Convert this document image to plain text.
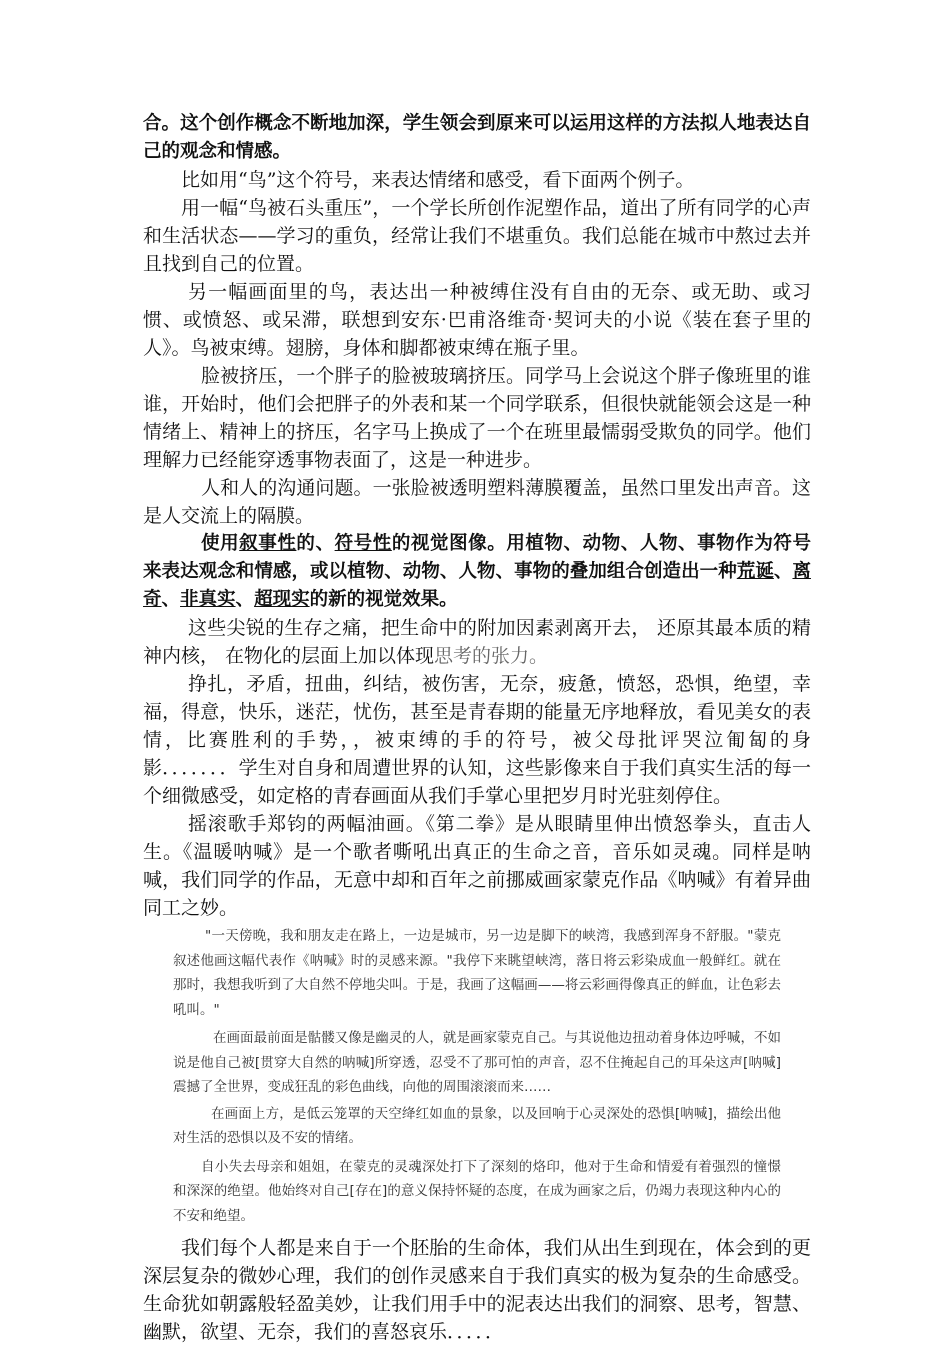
合。这个创作概念不断地加深，学生领会到原来可以运用这样的方法拟人地表达自己的观念和情感。

比如用“鸟”这个符号，来表达情绪和感受，看下面两个例子。

用一幅“鸟被石头重压”，一个学长所创作泥塑作品，道出了所有同学的心声和生活状态——学习的重负，经常让我们不堪重负。我们总能在城市中熬过去并且找到自己的位置。

另一幅画面里的鸟，表达出一种被缚住没有自由的无奈、或无助、或习惯、或愤怒、或呆滞，联想到安东·巴甫洛维奇·契诃夫的小说《装在套子里的人》。鸟被束缚。翅膀，身体和脚都被束缚在瓶子里。

脸被挤压，一个胖子的脸被玻璃挤压。同学马上会说这个胖子像班里的谁谁，开始时，他们会把胖子的外表和某一个同学联系，但很快就能领会这是一种情绪上、精神上的挤压，名字马上换成了一个在班里最懦弱受欺负的同学。他们理解力已经能穿透事物表面了，这是一种进步。

人和人的沟通问题。一张脸被透明塑料薄膜覆盖，虽然口里发出声音。这是人交流上的隔膜。

使用叙事性的、符号性的视觉图像。用植物、动物、人物、事物作为符号来表达观念和情感，或以植物、动物、人物、事物的叠加组合创造出一种荒诞、离奇、非真实、超现实的新的视觉效果。

这些尖锐的生存之痛，把生命中的附加因素剥离开去， 还原其最本质的精神内核， 在物化的层面上加以体现思考的张力。

挣扎，矛盾，扭曲，纠结，被伤害，无奈，疲惫，愤怒，恐惧，绝望，幸福，得意，快乐，迷茫，忧伤，甚至是青春期的能量无序地释放，看见美女的表情，比赛胜利的手势，，被束缚的手的符号，被父母批评哭泣匍匐的身影．．．．．．．学生对自身和周遭世界的认知，这些影像来自于我们真实生活的每一个细微感受，如定格的青春画面从我们手掌心里把岁月时光驻刻停住。

摇滚歌手郑钧的两幅油画。《第二拳》是从眼睛里伸出愤怒拳头，直击人生。《温暖呐喊》是一个歌者嘶吼出真正的生命之音，音乐如灵魂。同样是呐喊，我们同学的作品，无意中却和百年之前挪威画家蒙克作品《呐喊》有着异曲同工之妙。

"一天傍晚，我和朋友走在路上，一边是城市，另一边是脚下的峡湾，我感到浑身不舒服。"蒙克叙述他画这幅代表作《呐喊》时的灵感来源。"我停下来眺望峡湾，落日将云彩染成血一般鲜红。就在那时，我想我听到了大自然不停地尖叫。于是，我画了这幅画——将云彩画得像真正的鲜血，让色彩去吼叫。"

在画面最前面是骷髅又像是幽灵的人，就是画家蒙克自己。与其说他边扭动着身体边呼喊，不如说是他自己被[贯穿大自然的呐喊]所穿透，忍受不了那可怕的声音，忍不住掩起自己的耳朵这声[呐喊]震撼了全世界，变成狂乱的彩色曲线，向他的周围滚滚而来……

在画面上方，是低云笼罩的天空绛红如血的景象，以及回响于心灵深处的恐惧[呐喊]，描绘出他对生活的恐惧以及不安的情绪。

自小失去母亲和姐姐，在蒙克的灵魂深处打下了深刻的烙印，他对于生命和情爱有着强烈的憧憬和深深的绝望。他始终对自己[存在]的意义保持怀疑的态度，在成为画家之后，仍竭力表现这种内心的不安和绝望。

我们每个人都是来自于一个胚胎的生命体，我们从出生到现在，体会到的更深层复杂的微妙心理，我们的创作灵感来自于我们真实的极为复杂的生命感受。生命犹如朝露般轻盈美妙，让我们用手中的泥表达出我们的洞察、思考，智慧、幽默，欲望、无奈，我们的喜怒哀乐．．．．．
